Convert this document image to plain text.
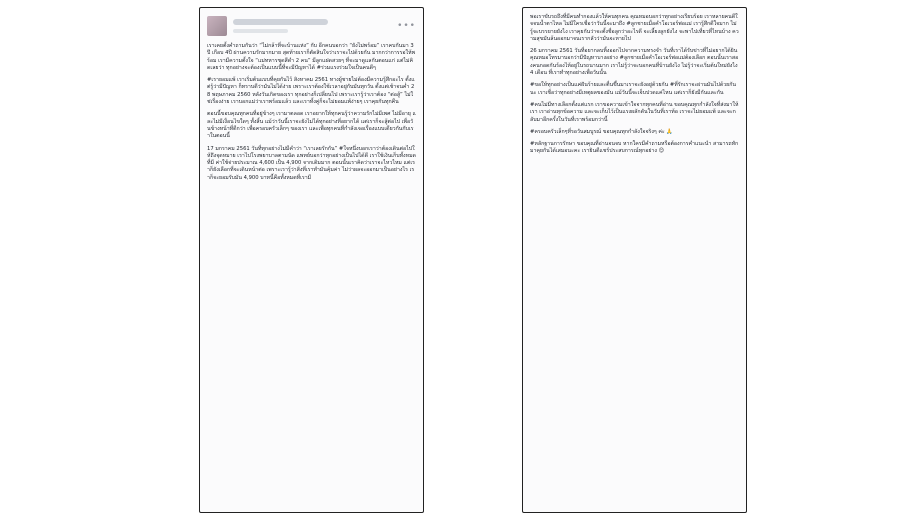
•••

เราเคยตั้งคำถามกันว่า “ไม่กล้าที่จะบ้านแห่ง” กับ อีกคนบอกว่า “ยังไม่พร้อม” เราคบกันมา 3ปี เกือบ 4ปี ผ่านความรักมากมาย สุดท้ายเราก็ตัดสินใจว่าเราจะไปด้วยกัน มากกว่าการรอให้พร้อม เรามีความตั้งใจ “แม่ทหารชุดสีดำ 2 คน” มีลูกแฝดสวยๆ ที่จะมาดูแลกันตอนแก่ แต่ไม่คิดเลยว่า ทุกอย่างจะต้องเป็นแบบนี้ที่จะมีปัญหาได้ #ร่วมแรงร่วมใจเป็นคนดีๆ

#เรายอมแพ้ เราเริ่มต้นแบบที่คุยกันไว้ สิงหาคม 2561 ทางผู้ชายไม่ต้องมีความรู้สึกอะไร ตั้งแต่รู้ว่ามีปัญหา ก็ทราบดีว่ามันไม่ได้ง่าย เพราะเราต้องใช้เวลาอยู่กับมันทุกวัน ตั้งแต่เช้าจนค่ำ 28 พฤษภาคม 2560 หลังวันเกิดของเรา ทุกอย่างก็เปลี่ยนไป เพราะเรารู้ว่าเราต้อง “ต่อสู้” ไม่ใช่เรื่องง่าย เราบอกแม่ว่าเราพร้อมแล้ว และเราทั้งคู่ก็จะไม่ยอมแพ้ง่ายๆ เราคุยกันทุกคืน

ตอนนี้ขอบคุณทุกคนที่อยู่ข้างๆ เรามาตลอด เราอยากให้ทุกคนรู้ว่าความรักไม่มีเพศ ไม่มีอายุ และไม่มีเงื่อนไขใดๆ ทั้งสิ้น แม้ว่าวันนี้เราจะยังไม่ได้ทุกอย่างที่อยากได้ แต่เราก็จะสู้ต่อไป เพื่อวันข้างหน้าที่ดีกว่า เพื่อครอบครัวเล็กๆ ของเรา และเพื่อทุกคนที่กำลังเจอเรื่องแบบเดียวกันกับเราในตอนนี้

17 มกราคม 2561 วันที่ทุกอย่างไม่มีคำว่า “เราเลยรักกัน” #ใจหนึ่งบอกเราว่าต้องเดินต่อไปให้ถึงจุดหมาย เราไปโรงพยาบาลตามนัด แพทย์บอกว่าทุกอย่างเป็นไปได้ดี เราใช้เงินเก็บทั้งหมดที่มี ค่าใช้จ่ายประมาณ 4,600 เป็น 4,900 จากเดิมมาก ตอนนั้นเราคิดว่าเราจะไหวไหม แต่เราก็ยังเลือกที่จะเดินหน้าต่อ เพราะเรารู้ว่าสิ่งที่เราทำมันคุ้มค่า ไม่ว่าผลจะออกมาเป็นอย่างไร เราก็จะยอมรับมัน 4,900 บาทนี้คือทั้งหมดที่เรามี

พอเราขับรถถึงที่มีคนทำกองแล้วให้คนทุกคน คุณหมอบอกว่าทุกอย่างเรียบร้อย เราหลายคนดีใจจนน้ำตาไหล ไม่มีใครเชื่อว่าวันนี้จะมาถึง #ลูกชายเมื่อคำโอเวอร์พ่อแม่ เรารู้สึกดีใจมาก ไม่รู้จะบรรยายยังไง เราคุยกันว่าจะตั้งชื่อลูกว่าอะไรดี จะเลี้ยงลูกยังไง จะพาไปเที่ยวที่ไหนบ้าง ความสุขมันล้นออกมาจนเรากลัวว่ามันจะหายไป

26 มกราคม 2561 วันที่อยากลบทิ้งออกไปจากความทรงจำ วันที่เราได้รับข่าวที่ไม่อยากได้ยิน คุณหมอโทรมาบอกว่ามีปัญหาบางอย่าง #ลูกชายเมื่อคำโอเวอร์พ่อแม่ต้องเลือก ตอนนั้นเราสองคนกอดกันร้องไห้อยู่ในรถนานมาก เราไม่รู้ว่าจะบอกคนที่บ้านยังไง ไม่รู้ว่าจะเริ่มต้นใหม่ยังไง 4 เดือน ที่เราทำทุกอย่างเพื่อวันนั้น

#ขอให้ทุกอย่างเป็นแค่ฝันร้ายและตื่นขึ้นมาเราจะยังอยู่ด้วยกัน #ที่รักเราจะผ่านมันไปด้วยกันนะ เราเชื่อว่าทุกอย่างมีเหตุผลของมัน แม้วันนี้จะเจ็บปวดแค่ไหน แต่เราก็ยังมีกันและกัน

#คนไม่มีทางเลือกตั้งแต่แรก เราขอความเข้าใจจากทุกคนที่อ่าน ขอบคุณทุกกำลังใจที่ส่งมาให้เรา เราอ่านทุกข้อความ และจะเก็บไว้เป็นแรงผลักดันในวันที่เราท้อ เราจะไม่ยอมแพ้ และจะกลับมาอีกครั้งในวันที่เราพร้อมกว่านี้

#ครอบครัวเล็กๆที่รอวันสมบูรณ์ ขอบคุณทุกกำลังใจจริงๆ ค่ะ 🙏

#หลักฐานการรักษา ขอบคุณที่อ่านจนจบ หากใครมีคำถามหรือต้องการคำแนะนำ สามารถทักมาคุยกันได้เสมอนะคะ เรายินดีแชร์ประสบการณ์ทุกอย่าง 😊
